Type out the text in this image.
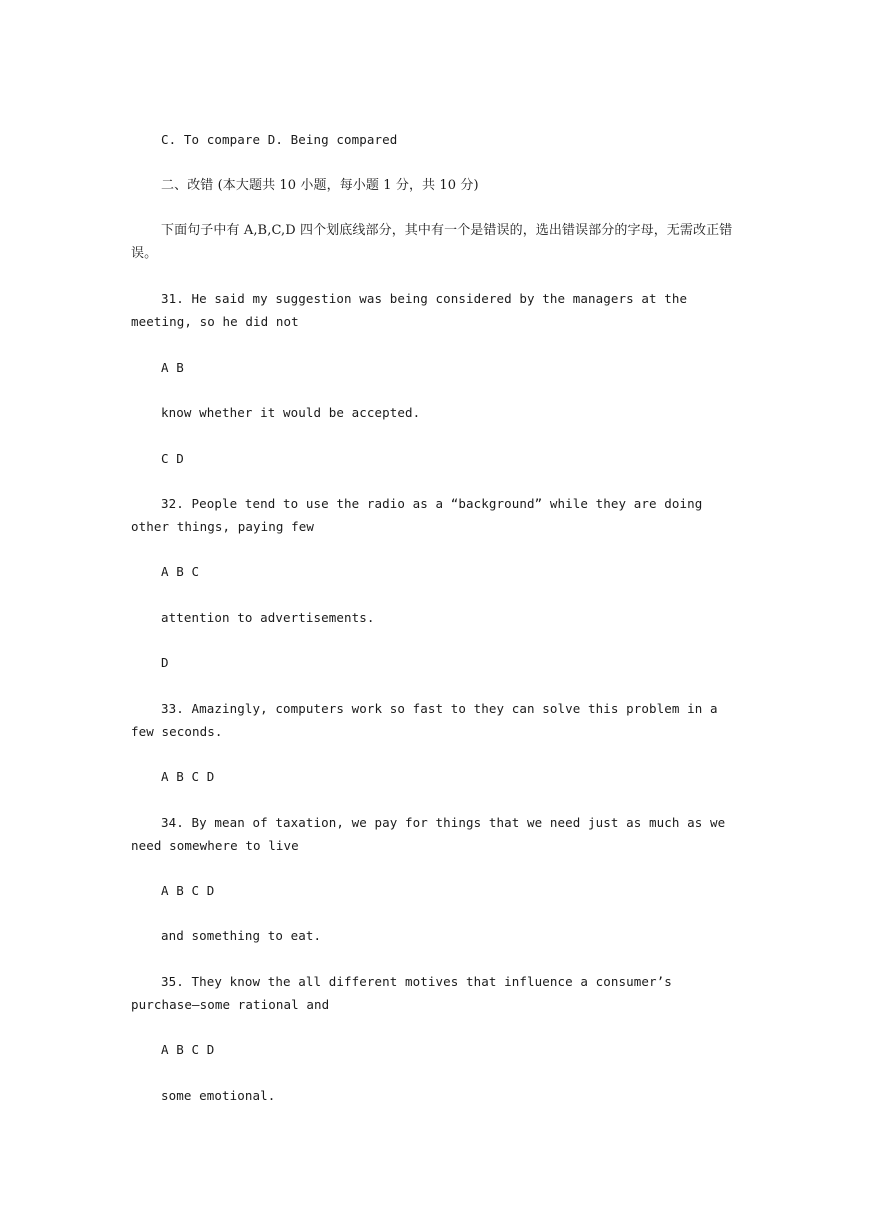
C. To compare D. Being compared
二、改错 (本大题共 10 小题，每小题 1 分，共 10 分)
下面句子中有 A,B,C,D 四个划底线部分，其中有一个是错误的，选出错误部分的字母，无需改正错误。
31. He said my suggestion was being considered by the managers at the meeting, so he did not
A B
know whether it would be accepted.
C D
32. People tend to use the radio as a “background” while they are doing other things, paying few
A B C
attention to advertisements.
D
33. Amazingly, computers work so fast to they can solve this problem in a few seconds.
A B C D
34. By mean of taxation, we pay for things that we need just as much as we need somewhere to live
A B C D
and something to eat.
35. They know the all different motives that influence a consumer’s purchase—some rational and
A B C D
some emotional.
